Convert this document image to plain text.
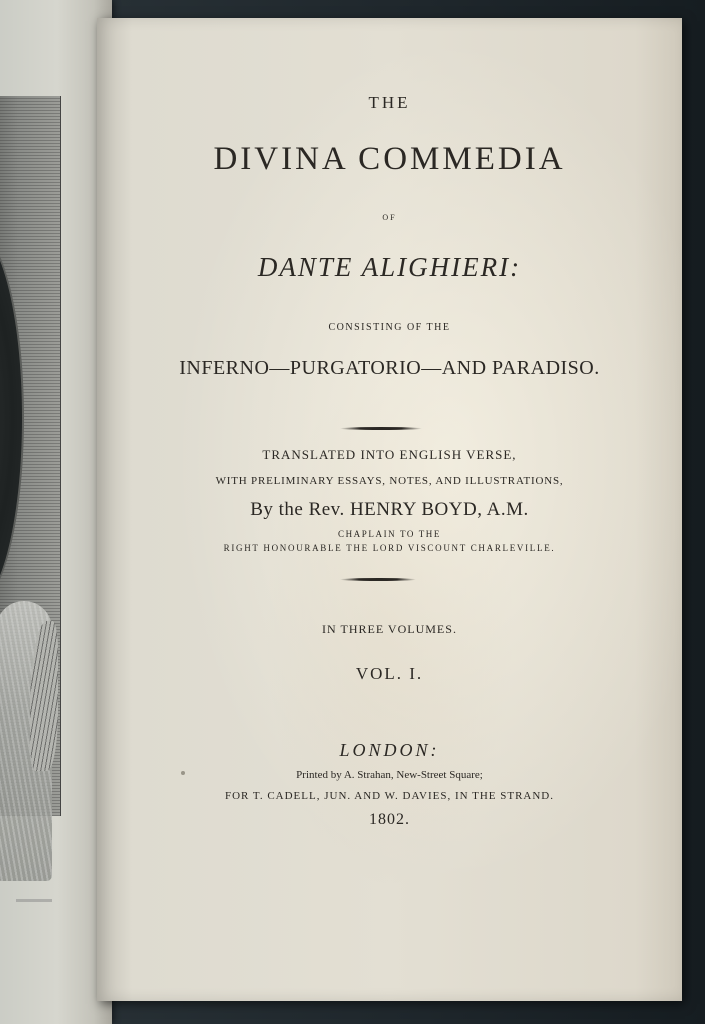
THE

DIVINA COMMEDIA

OF

DANTE ALIGHIERI:

CONSISTING OF THE

INFERNO—PURGATORIO—AND PARADISO.

TRANSLATED INTO ENGLISH VERSE,

WITH PRELIMINARY ESSAYS, NOTES, AND ILLUSTRATIONS,

By the Rev. HENRY BOYD, A.M.

CHAPLAIN TO THE

RIGHT HONOURABLE THE LORD VISCOUNT CHARLEVILLE.

IN THREE VOLUMES.

VOL. I.

LONDON:

Printed by A. Strahan, New-Street Square;

FOR T. CADELL, JUN. AND W. DAVIES, IN THE STRAND.

1802.
